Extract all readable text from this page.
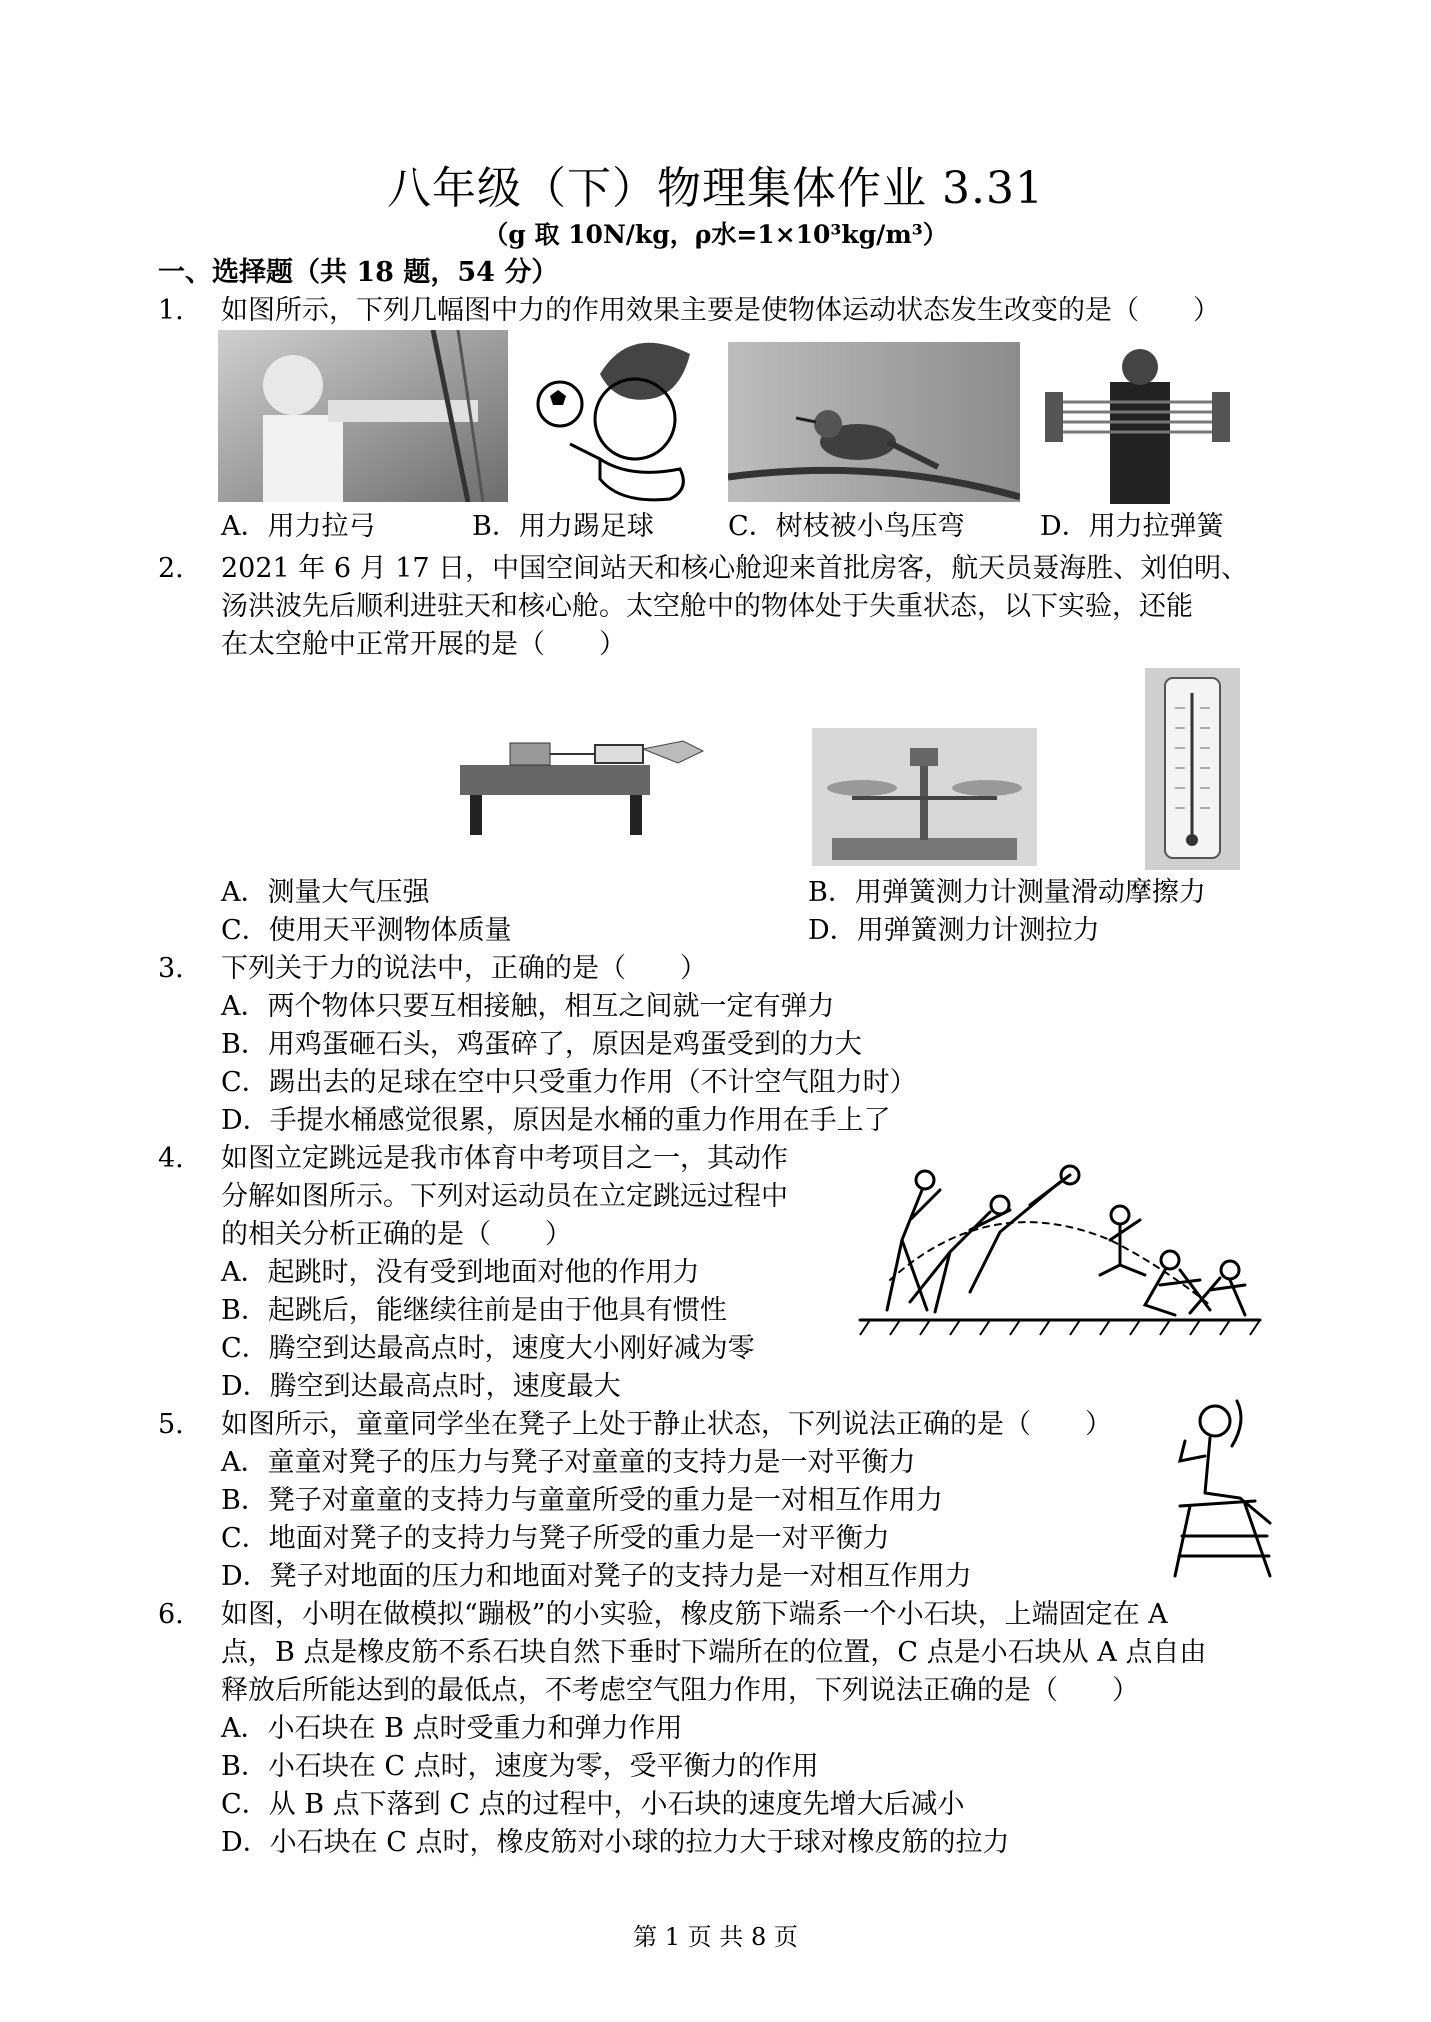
八年级（下）物理集体作业 3.31
（g 取 10N/kg，ρ水=1×10³kg/m³）
一、选择题（共 18 题，54 分）
1. 如图所示，下列几幅图中力的作用效果主要是使物体运动状态发生改变的是（　　）
A．用力拉弓	B．用力踢足球	C．树枝被小鸟压弯	D．用力拉弹簧
2. 2021 年 6 月 17 日，中国空间站天和核心舱迎来首批房客，航天员聂海胜、刘伯明、
汤洪波先后顺利进驻天和核心舱。太空舱中的物体处于失重状态，以下实验，还能
在太空舱中正常开展的是（　　）
A．测量大气压强	B．用弹簧测力计测量滑动摩擦力
C．使用天平测物体质量	D．用弹簧测力计测拉力
3. 下列关于力的说法中，正确的是（　　）
A．两个物体只要互相接触，相互之间就一定有弹力
B．用鸡蛋砸石头，鸡蛋碎了，原因是鸡蛋受到的力大
C．踢出去的足球在空中只受重力作用（不计空气阻力时）
D．手提水桶感觉很累，原因是水桶的重力作用在手上了
4. 如图立定跳远是我市体育中考项目之一，其动作
分解如图所示。下列对运动员在立定跳远过程中
的相关分析正确的是（　　）
A．起跳时，没有受到地面对他的作用力
B．起跳后，能继续往前是由于他具有惯性
C．腾空到达最高点时，速度大小刚好减为零
D．腾空到达最高点时，速度最大
5. 如图所示，童童同学坐在凳子上处于静止状态，下列说法正确的是（　　）
A．童童对凳子的压力与凳子对童童的支持力是一对平衡力
B．凳子对童童的支持力与童童所受的重力是一对相互作用力
C．地面对凳子的支持力与凳子所受的重力是一对平衡力
D．凳子对地面的压力和地面对凳子的支持力是一对相互作用力
6. 如图，小明在做模拟“蹦极”的小实验，橡皮筋下端系一个小石块，上端固定在 A
点，B 点是橡皮筋不系石块自然下垂时下端所在的位置，C 点是小石块从 A 点自由
释放后所能达到的最低点，不考虑空气阻力作用，下列说法正确的是（　　）
A．小石块在 B 点时受重力和弹力作用
B．小石块在 C 点时，速度为零，受平衡力的作用
C．从 B 点下落到 C 点的过程中，小石块的速度先增大后减小
D．小石块在 C 点时，橡皮筋对小球的拉力大于球对橡皮筋的拉力
第 1 页 共 8 页
